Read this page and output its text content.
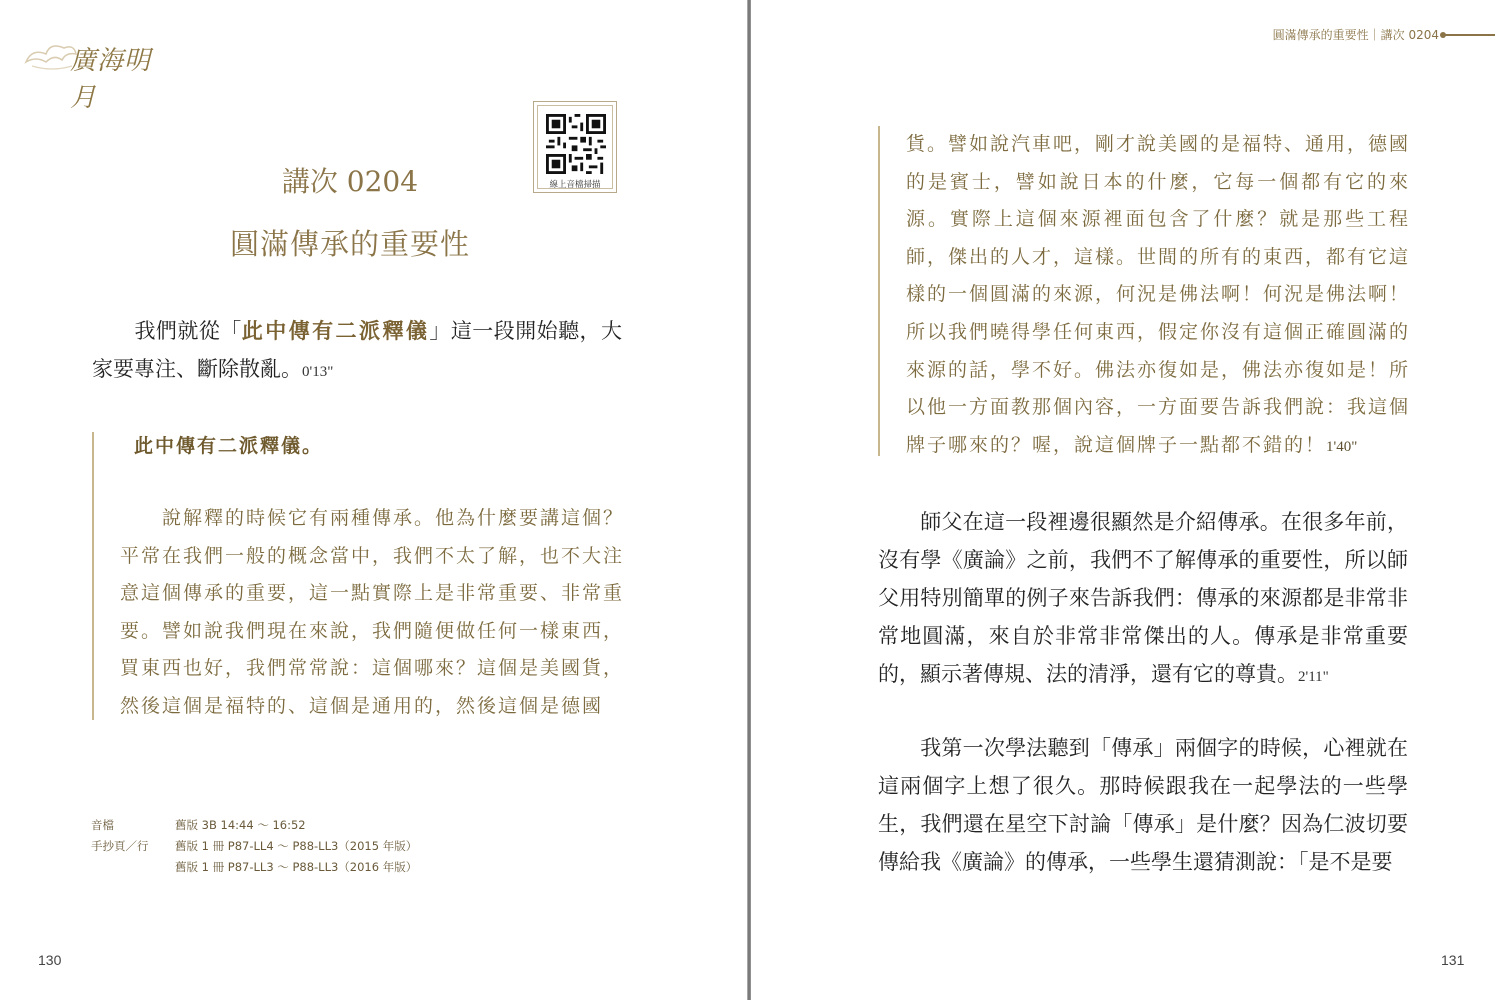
廣海明月
線上音檔掃描
講次 0204
圓滿傳承的重要性
我們就從「此中傳有二派釋儀」這一段開始聽，大家要專注、斷除散亂。0'13"
此中傳有二派釋儀。
說解釋的時候它有兩種傳承。他為什麼要講這個？平常在我們一般的概念當中，我們不太了解，也不大注意這個傳承的重要，這一點實際上是非常重要、非常重要。譬如說我們現在來說，我們隨便做任何一樣東西，買東西也好，我們常常說：這個哪來？這個是美國貨，然後這個是福特的、這個是通用的，然後這個是德國
音檔	舊版 3B 14:44 ～ 16:52
手抄頁／行	舊版 1 冊 P87-LL4 ～ P88-LL3（2015 年版）
舊版 1 冊 P87-LL3 ～ P88-LL3（2016 年版）
130
圓滿傳承的重要性｜講次 0204
貨。譬如說汽車吧，剛才說美國的是福特、通用，德國的是賓士，譬如說日本的什麼，它每一個都有它的來源。實際上這個來源裡面包含了什麼？就是那些工程師，傑出的人才，這樣。世間的所有的東西，都有它這樣的一個圓滿的來源，何況是佛法啊！何況是佛法啊！所以我們曉得學任何東西，假定你沒有這個正確圓滿的來源的話，學不好。佛法亦復如是，佛法亦復如是！所以他一方面教那個內容，一方面要告訴我們說：我這個牌子哪來的？喔，說這個牌子一點都不錯的！1'40"
師父在這一段裡邊很顯然是介紹傳承。在很多年前，沒有學《廣論》之前，我們不了解傳承的重要性，所以師父用特別簡單的例子來告訴我們：傳承的來源都是非常非常地圓滿，來自於非常非常傑出的人。傳承是非常重要的，顯示著傳規、法的清淨，還有它的尊貴。2'11"
我第一次學法聽到「傳承」兩個字的時候，心裡就在這兩個字上想了很久。那時候跟我在一起學法的一些學生，我們還在星空下討論「傳承」是什麼？因為仁波切要傳給我《廣論》的傳承，一些學生還猜測說：「是不是要
131
